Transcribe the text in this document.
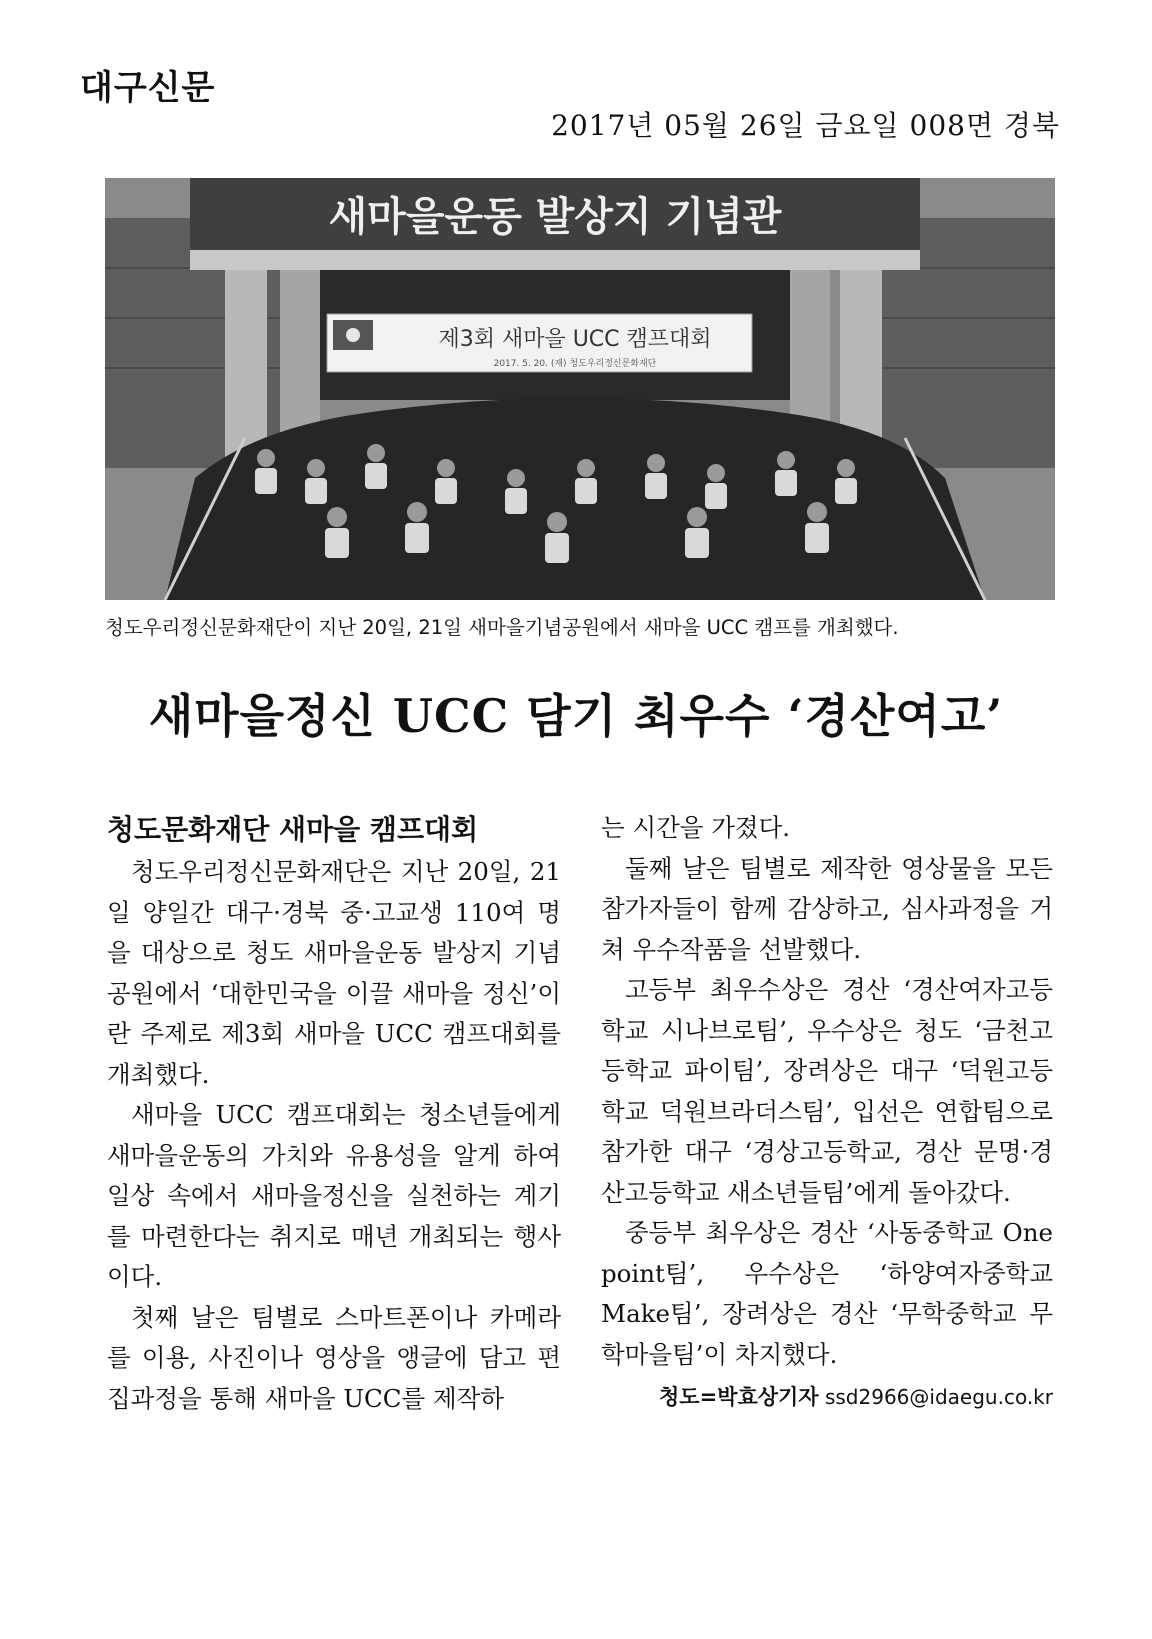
대구신문
2017년 05월 26일 금요일 008면 경북
새마을운동 발상지 기념관
제3회 새마을 UCC 캠프대회
2017. 5. 20. (재) 청도우리정신문화재단
청도우리정신문화재단이 지난 20일, 21일 새마을기념공원에서 새마을 UCC 캠프를 개최했다.
새마을정신 UCC 담기 최우수 ‘경산여고’
청도문화재단 새마을 캠프대회

청도우리정신문화재단은 지난 20일, 21일 양일간 대구·경북 중·고교생 110여 명을 대상으로 청도 새마을운동 발상지 기념공원에서 ‘대한민국을 이끌 새마을 정신’이란 주제로 제3회 새마을 UCC 캠프대회를 개최했다.

새마을 UCC 캠프대회는 청소년들에게 새마을운동의 가치와 유용성을 알게 하여 일상 속에서 새마을정신을 실천하는 계기를 마련한다는 취지로 매년 개최되는 행사이다.

첫째 날은 팀별로 스마트폰이나 카메라를 이용, 사진이나 영상을 앵글에 담고 편집과정을 통해 새마을 UCC를 제작하

는 시간을 가졌다.

둘째 날은 팀별로 제작한 영상물을 모든 참가자들이 함께 감상하고, 심사과정을 거쳐 우수작품을 선발했다.

고등부 최우수상은 경산 ‘경산여자고등학교 시나브로팀’, 우수상은 청도 ‘금천고등학교 파이팀’, 장려상은 대구 ‘덕원고등학교 덕원브라더스팀’, 입선은 연합팀으로 참가한 대구 ‘경상고등학교, 경산 문명·경산고등학교 새소년들팀’에게 돌아갔다.

중등부 최우상은 경산 ‘사동중학교 One point팀’, 우수상은 ‘하양여자중학교 Make팀’, 장려상은 경산 ‘무학중학교 무학마을팀’이 차지했다.

청도=박효상기자 ssd2966@idaegu.co.kr
